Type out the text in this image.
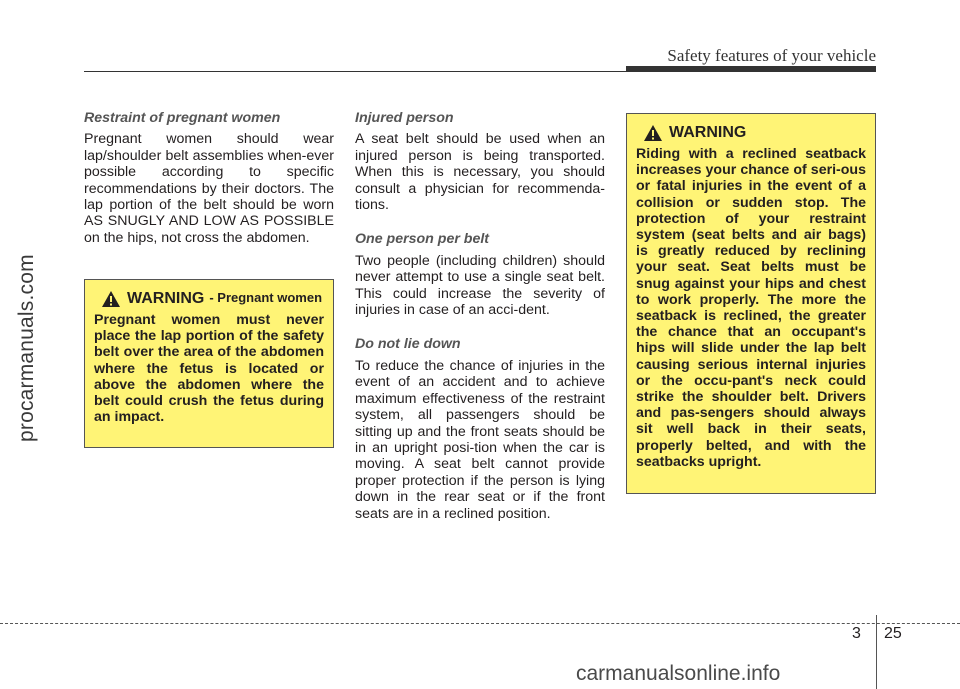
Safety features of your vehicle
procarmanuals.com
Restraint of pregnant women

Pregnant women should wear lap/shoulder belt assemblies when-ever possible according to specific recommendations by their doctors. The lap portion of the belt should be worn AS SNUGLY AND LOW AS POSSIBLE on the hips, not cross the abdomen.

WARNING - Pregnant women
Pregnant women must never place the lap portion of the safety belt over the area of the abdomen where the fetus is located or above the abdomen where the belt could crush the fetus during an impact.
Injured person

A seat belt should be used when an injured person is being transported. When this is necessary, you should consult a physician for recommenda-tions.

One person per belt

Two people (including children) should never attempt to use a single seat belt. This could increase the severity of injuries in case of an acci-dent.

Do not lie down

To reduce the chance of injuries in the event of an accident and to achieve maximum effectiveness of the restraint system, all passengers should be sitting up and the front seats should be in an upright posi-tion when the car is moving. A seat belt cannot provide proper protection if the person is lying down in the rear seat or if the front seats are in a reclined position.

WARNING
Riding with a reclined seatback increases your chance of seri-ous or fatal injuries in the event of a collision or sudden stop. The protection of your restraint system (seat belts and air bags) is greatly reduced by reclining your seat. Seat belts must be snug against your hips and chest to work properly. The more the seatback is reclined, the greater the chance that an occupant's hips will slide under the lap belt causing serious internal injuries or the occu-pant's neck could strike the shoulder belt. Drivers and pas-sengers should always sit well back in their seats, properly belted, and with the seatbacks upright.
3 25
carmanualsonline.info
